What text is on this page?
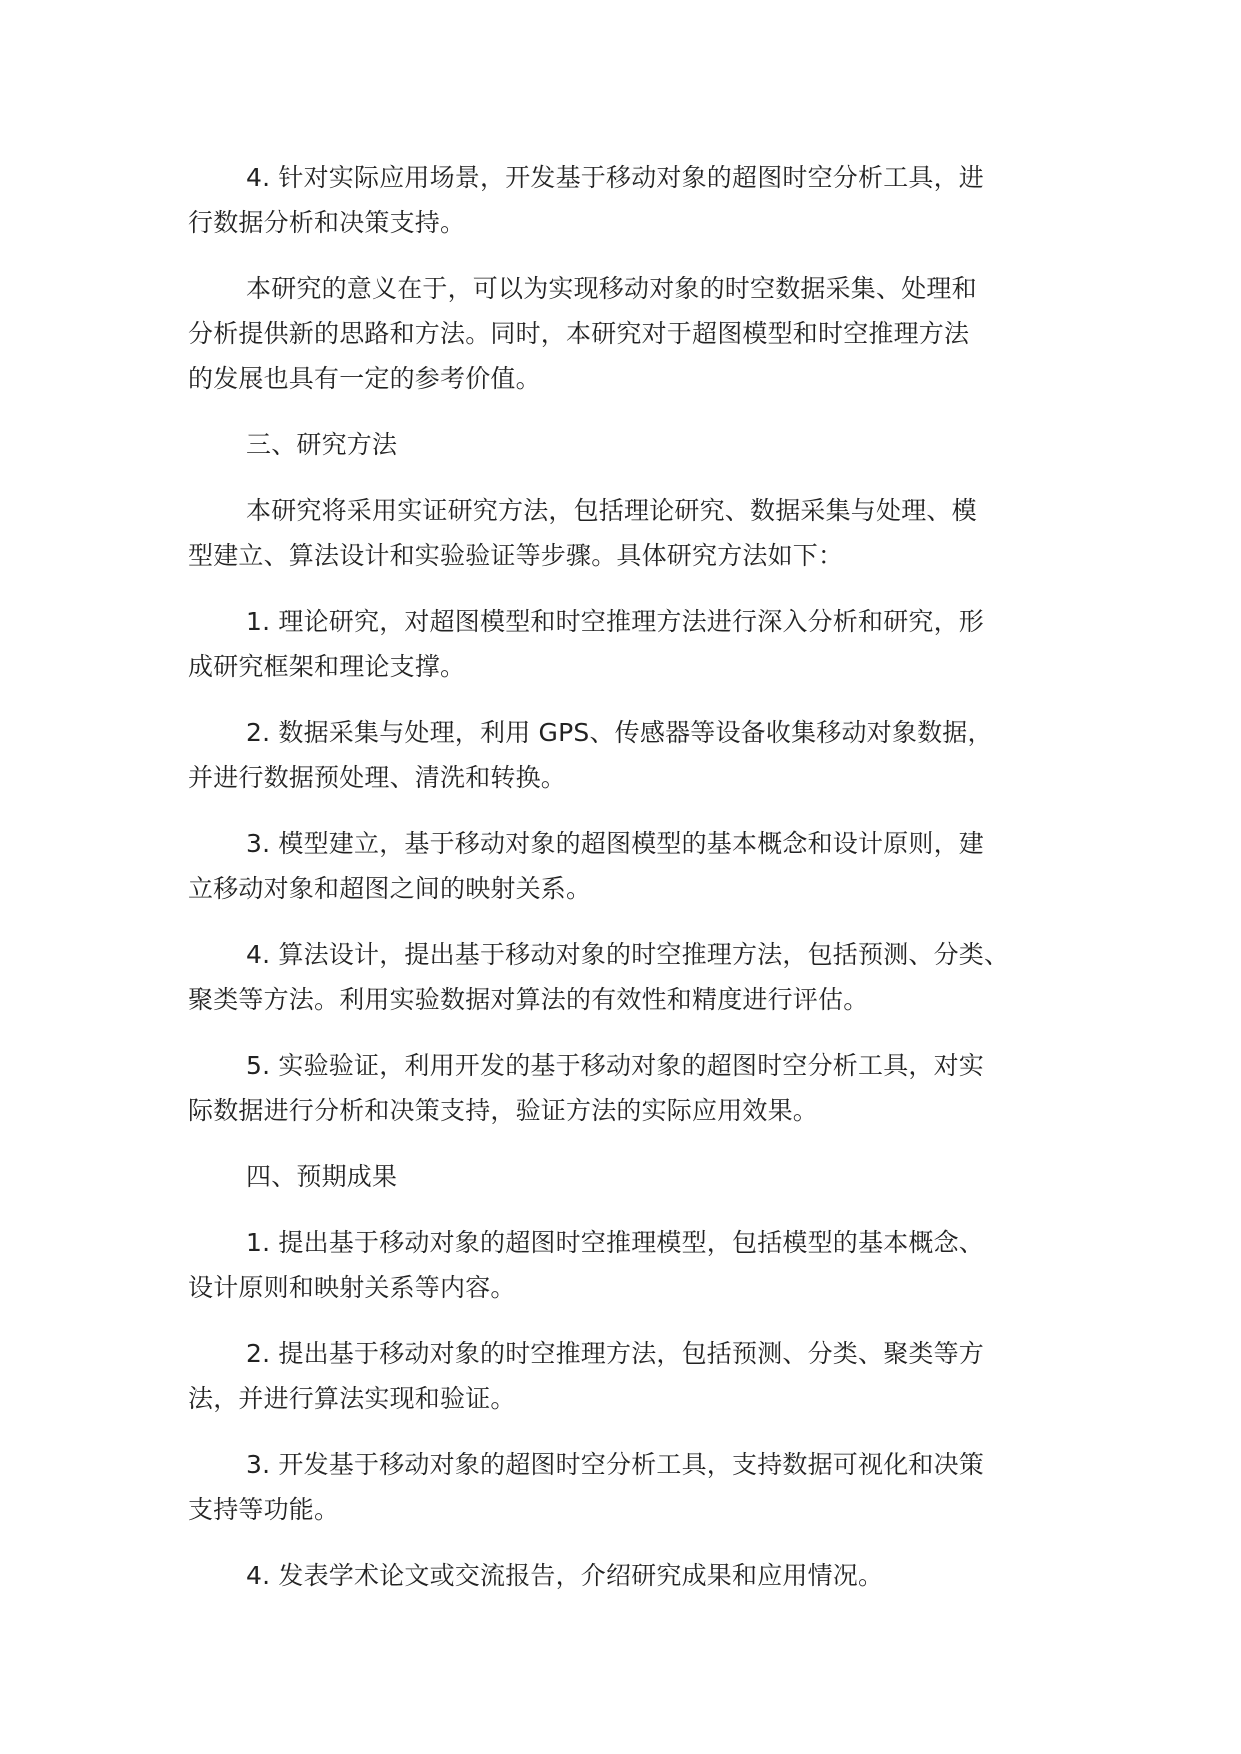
4. 针对实际应用场景，开发基于移动对象的超图时空分析工具，进
行数据分析和决策支持。

本研究的意义在于，可以为实现移动对象的时空数据采集、处理和
分析提供新的思路和方法。同时，本研究对于超图模型和时空推理方法
的发展也具有一定的参考价值。

三、研究方法

本研究将采用实证研究方法，包括理论研究、数据采集与处理、模
型建立、算法设计和实验验证等步骤。具体研究方法如下：

1. 理论研究，对超图模型和时空推理方法进行深入分析和研究，形
成研究框架和理论支撑。

2. 数据采集与处理，利用 GPS、传感器等设备收集移动对象数据，
并进行数据预处理、清洗和转换。

3. 模型建立，基于移动对象的超图模型的基本概念和设计原则，建
立移动对象和超图之间的映射关系。

4. 算法设计，提出基于移动对象的时空推理方法，包括预测、分类、
聚类等方法。利用实验数据对算法的有效性和精度进行评估。

5. 实验验证，利用开发的基于移动对象的超图时空分析工具，对实
际数据进行分析和决策支持，验证方法的实际应用效果。

四、预期成果

1. 提出基于移动对象的超图时空推理模型，包括模型的基本概念、
设计原则和映射关系等内容。

2. 提出基于移动对象的时空推理方法，包括预测、分类、聚类等方
法，并进行算法实现和验证。

3. 开发基于移动对象的超图时空分析工具，支持数据可视化和决策
支持等功能。

4. 发表学术论文或交流报告，介绍研究成果和应用情况。
